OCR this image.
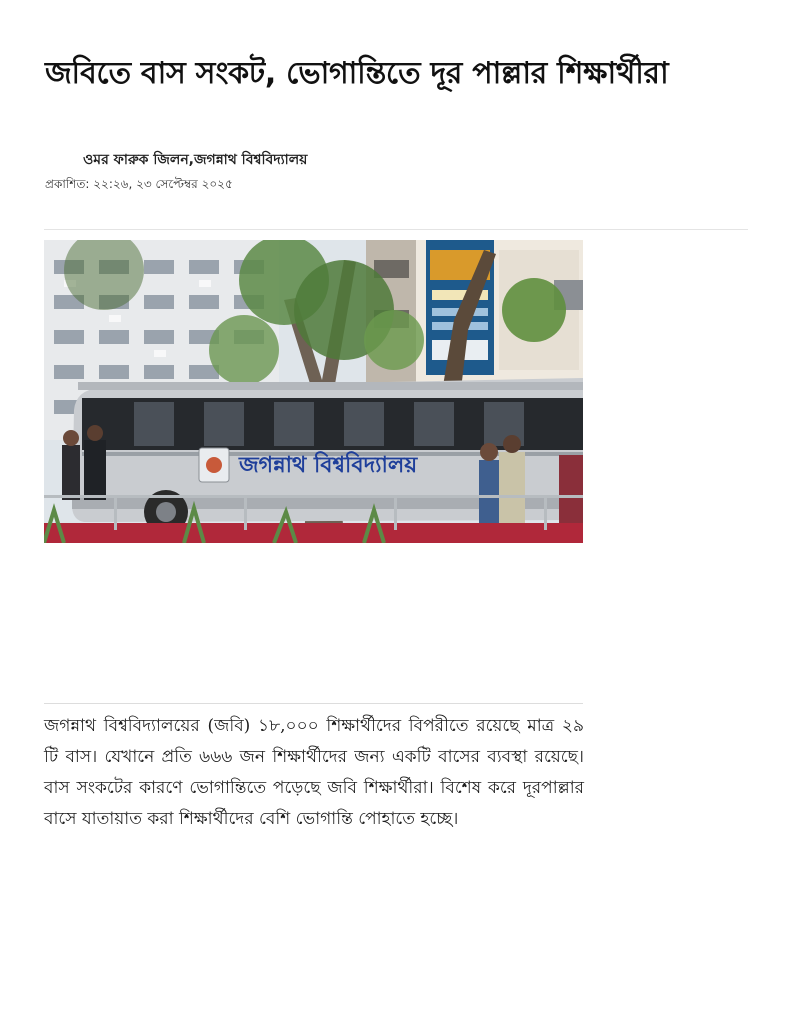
জবিতে বাস সংকট, ভোগান্তিতে দূর পাল্লার শিক্ষার্থীরা
ওমর ফারুক জিলন,জগন্নাথ বিশ্ববিদ্যালয়
প্রকাশিত: ২২:২৬, ২৩ সেপ্টেম্বর ২০২৫
জগন্নাথ বিশ্ববিদ্যালয়

জগন্নাথ বিশ্ববিদ্যালয়ের (জবি) ১৮,০০০ শিক্ষার্থীদের বিপরীতে রয়েছে মাত্র ২৯ টি বাস। যেখানে প্রতি ৬৬৬ জন শিক্ষার্থীদের জন্য একটি বাসের ব্যবস্থা রয়েছে। বাস সংকটের কারণে ভোগান্তিতে পড়েছে জবি শিক্ষার্থীরা। বিশেষ করে দূরপাল্লার বাসে যাতায়াত করা শিক্ষার্থীদের বেশি ভোগান্তি পোহাতে হচ্ছে।
